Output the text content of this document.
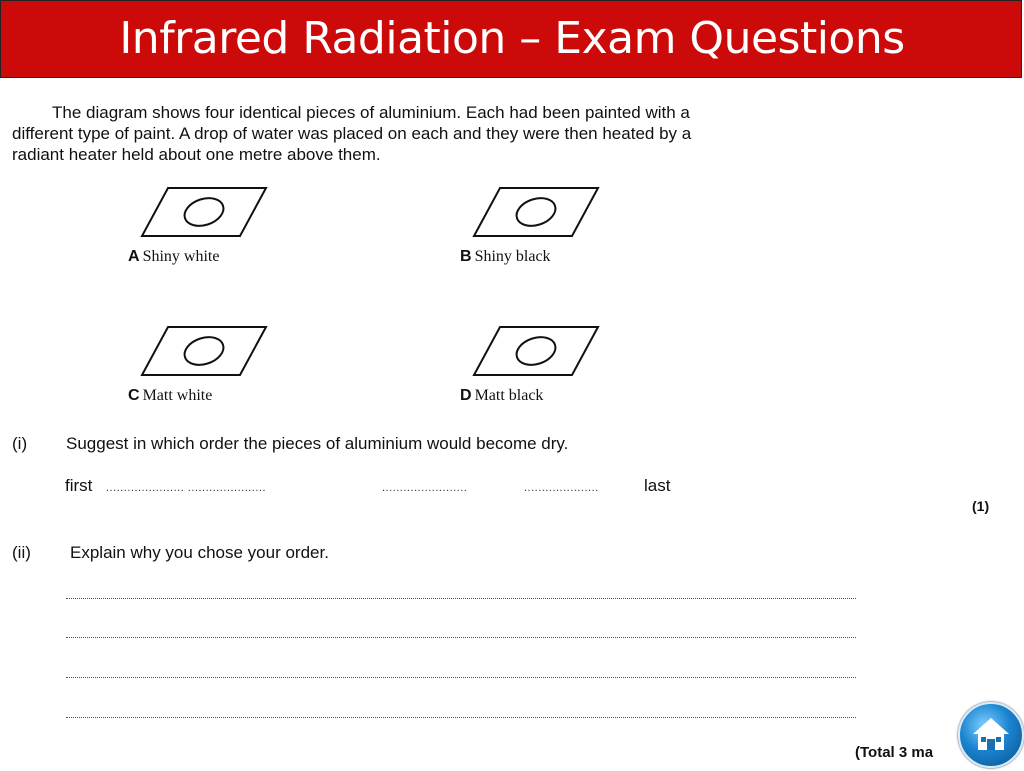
Infrared Radiation – Exam Questions
The diagram shows four identical pieces of aluminium. Each had been painted with a
different type of paint. A drop of water was placed on each and they were then heated by a
radiant heater held about one metre above them.
A Shiny white	B Shiny black
C Matt white	D Matt black
(i) Suggest in which order the pieces of aluminium would become dry.
first ...................... ......................	........................	.....................	last
(1)
(ii) Explain why you chose your order.
(Total 3 ma
